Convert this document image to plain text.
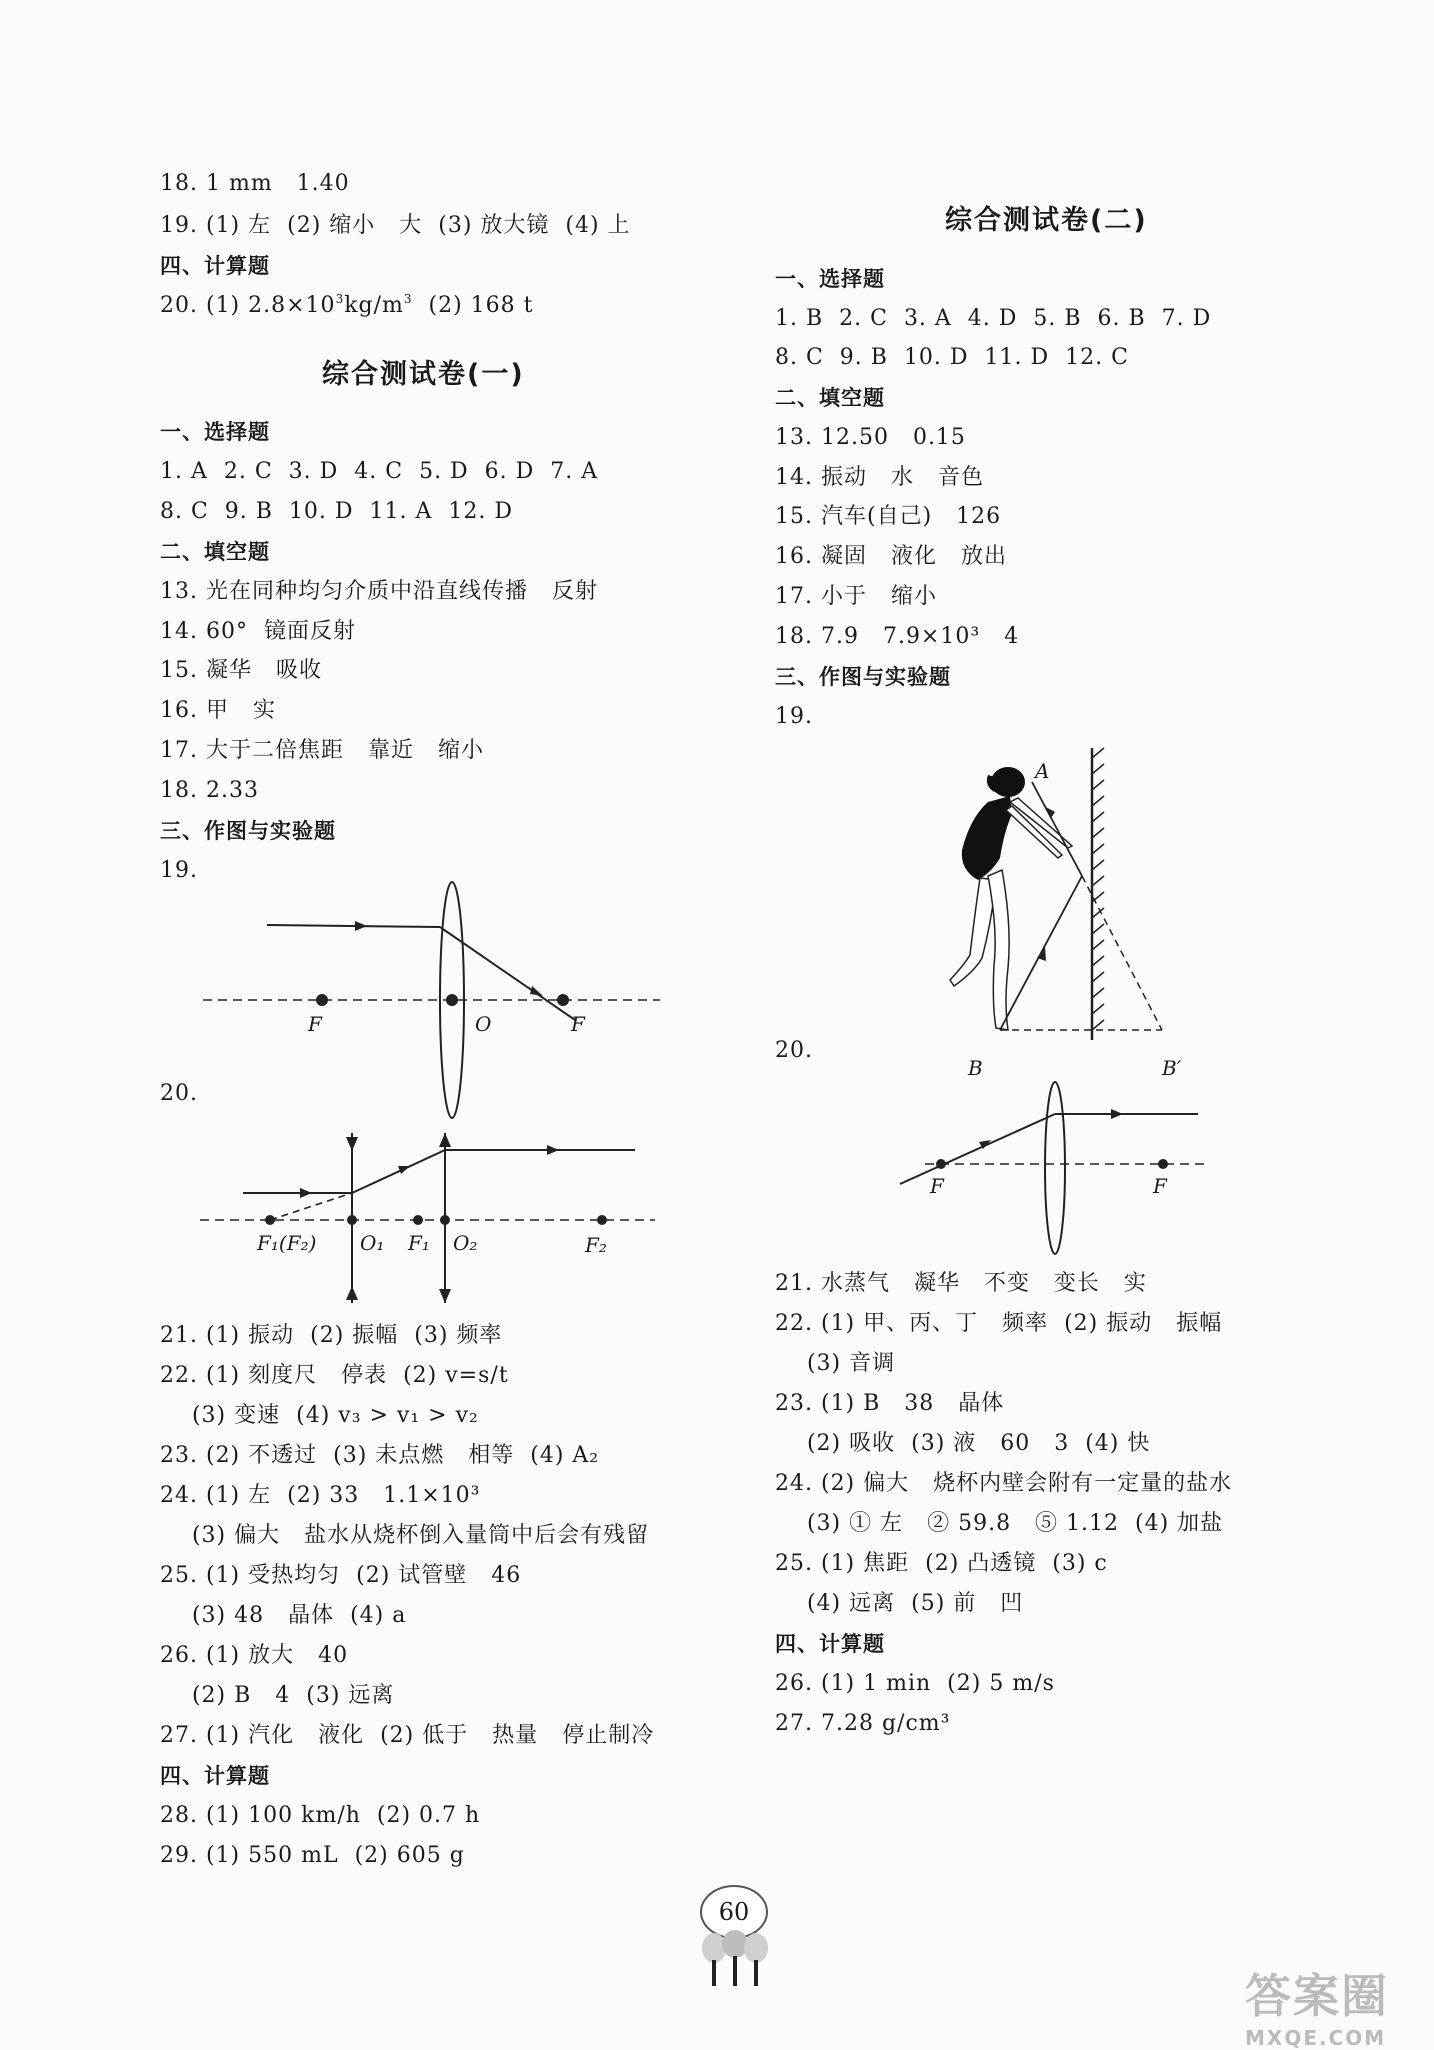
18. 1 mm   1.40
19. (1) 左  (2) 缩小   大  (3) 放大镜  (4) 上
四、计算题
20. (1) $2.8\times 10^3kg/m^3$  (2) 168 t
综合测试卷(一)
一、选择题
1. A  2. C  3. D  4. C  5. D  6. D  7. A
8. C  9. B  10. D  11. A  12. D
二、填空题
13. 光在同种均匀介质中沿直线传播   反射
14. 60°  镜面反射
15. 凝华   吸收
16. 甲   实
17. 大于二倍焦距   靠近   缩小
18. 2.33
三、作图与实验题
19.
F	O	F
20.
F₁(F₂) O₁ F₁ O₂	F₂
21. (1) 振动  (2) 振幅  (3) 频率
22. (1) 刻度尺   停表  (2) v=s/t
(3) 变速  (4) v₃ > v₁ > v₂
23. (2) 不透过  (3) 未点燃   相等  (4) A₂
24. (1) 左  (2) 33   1.1×10³
(3) 偏大   盐水从烧杯倒入量筒中后会有残留
25. (1) 受热均匀  (2) 试管壁   46
(3) 48   晶体  (4) a
26. (1) 放大   40
(2) B   4  (3) 远离
27. (1) 汽化   液化  (2) 低于   热量   停止制冷
四、计算题
28. (1) 100 km/h  (2) 0.7 h
29. (1) 550 mL  (2) 605 g
综合测试卷(二)
一、选择题
1. B  2. C  3. A  4. D  5. B  6. B  7. D
8. C  9. B  10. D  11. D  12. C
二、填空题
13. 12.50   0.15
14. 振动   水   音色
15. 汽车(自己)   126
16. 凝固   液化   放出
17. 小于   缩小
18. 7.9   7.9×10³   4
三、作图与实验题
19.
A
B	B′
20.
F	F
21. 水蒸气   凝华   不变   变长   实
22. (1) 甲、丙、丁   频率  (2) 振动   振幅
(3) 音调
23. (1) B   38   晶体
(2) 吸收  (3) 液   60   3  (4) 快
24. (2) 偏大   烧杯内壁会附有一定量的盐水
(3) ① 左   ② 59.8   ⑤ 1.12  (4) 加盐
25. (1) 焦距  (2) 凸透镜  (3) c
(4) 远离  (5) 前   凹
四、计算题
26. (1) 1 min  (2) 5 m/s
27. 7.28 g/cm³
60
答案圈
MXQE.COM
